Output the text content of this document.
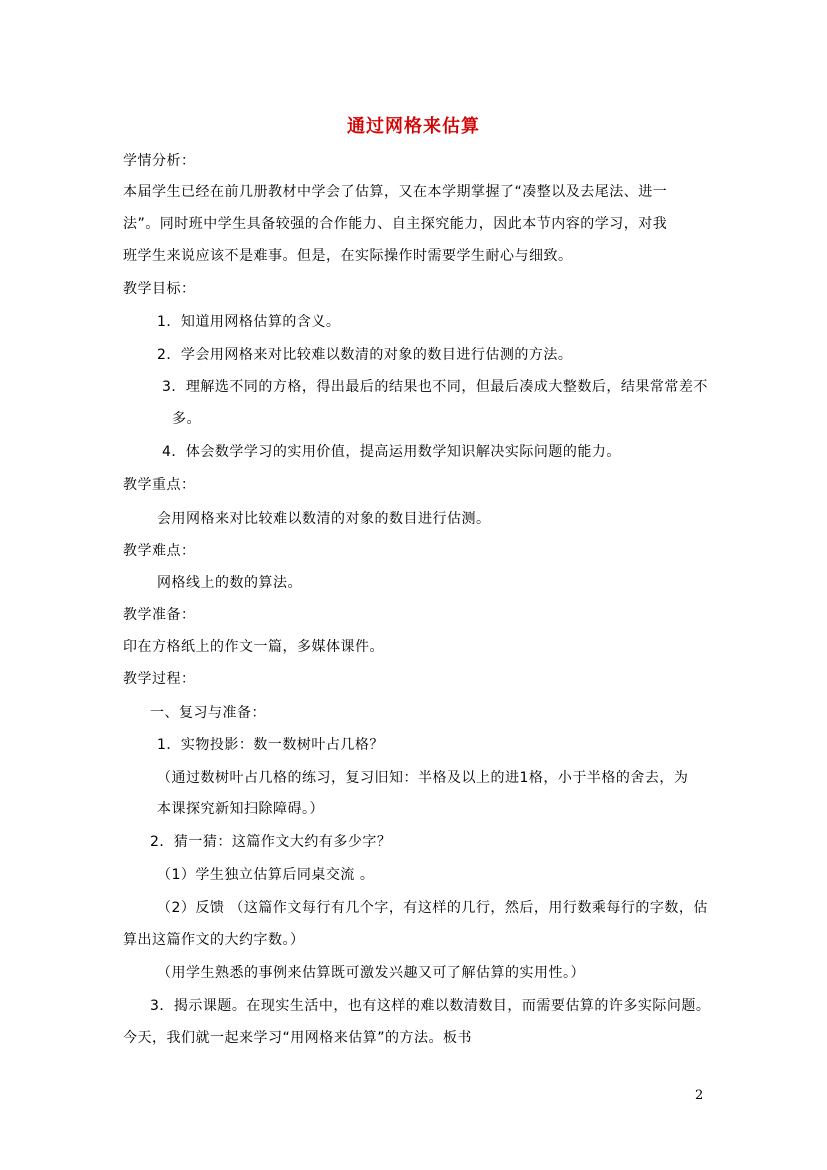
通过网格来估算
学情分析：
本届学生已经在前几册教材中学会了估算，又在本学期掌握了“凑整以及去尾法、进一
法”。同时班中学生具备较强的合作能力、自主探究能力，因此本节内容的学习，对我
班学生来说应该不是难事。但是，在实际操作时需要学生耐心与细致。
教学目标：
1．知道用网格估算的含义。
2．学会用网格来对比较难以数清的对象的数目进行估测的方法。
3．理解选不同的方格，得出最后的结果也不同，但最后凑成大整数后，结果常常差不
多。
4．体会数学学习的实用价值，提高运用数学知识解决实际问题的能力。
教学重点：
会用网格来对比较难以数清的对象的数目进行估测。
教学难点：
网格线上的数的算法。
教学准备：
印在方格纸上的作文一篇，多媒体课件。
教学过程：
一、复习与准备：
1．实物投影：数一数树叶占几格？
（通过数树叶占几格的练习，复习旧知：半格及以上的进1格，小于半格的舍去，为
本课探究新知扫除障碍。）
2．猜一猜：这篇作文大约有多少字？
（1）学生独立估算后同桌交流 。
（2）反馈 （这篇作文每行有几个字，有这样的几行，然后，用行数乘每行的字数，估
算出这篇作文的大约字数。）
（用学生熟悉的事例来估算既可激发兴趣又可了解估算的实用性。）
3．揭示课题。在现实生活中，也有这样的难以数清数目，而需要估算的许多实际问题。
今天，我们就一起来学习“用网格来估算”的方法。板书
2
